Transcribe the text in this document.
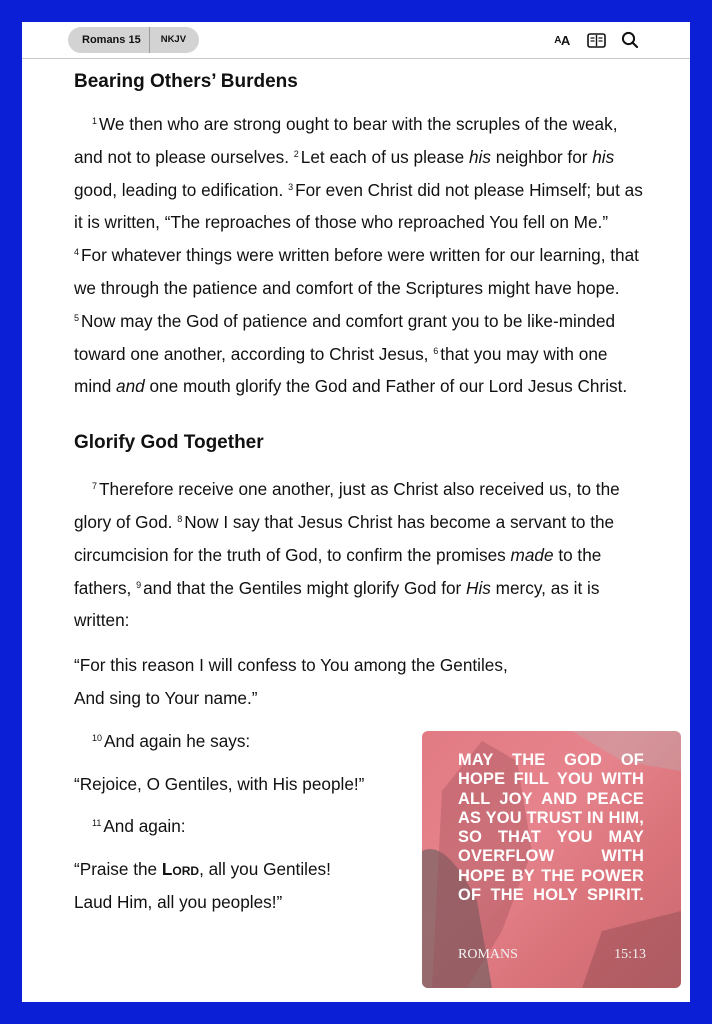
Romans 15	NKJV	A A
Bearing Others’ Burdens

$^1$ We then who are strong ought to bear with the scruples of the weak, and not to please ourselves. $^2$ Let each of us please his neighbor for his good, leading to edification. $^3$ For even Christ did not please Himself; but as it is written, “The reproaches of those who reproached You fell on Me.” $^4$ For whatever things were written before were written for our learning, that we through the patience and comfort of the Scriptures might have hope. $^5$ Now may the God of patience and comfort grant you to be like-minded toward one another, according to Christ Jesus, $^6$ that you may with one mind and one mouth glorify the God and Father of our Lord Jesus Christ.

Glorify God Together

$^7$ Therefore receive one another, just as Christ also received us, to the glory of God. $^8$ Now I say that Jesus Christ has become a servant to the circumcision for the truth of God, to confirm the promises made to the fathers, $^9$ and that the Gentiles might glorify God for His mercy, as it is written:

“For this reason I will confess to You among the Gentiles,
And sing to Your name.”

$^{10}$ And again he says:

“Rejoice, O Gentiles, with His people!”

$^{11}$ And again:

“Praise the Lord, all you Gentiles!
Laud Him, all you peoples!”

MAY THE GOD OF HOPE FILL YOU WITH ALL JOY AND PEACE AS YOU TRUST IN HIM, SO THAT YOU MAY OVERFLOW WITH HOPE BY THE POWER OF THE HOLY SPIRIT.
ROMANS	15:13
